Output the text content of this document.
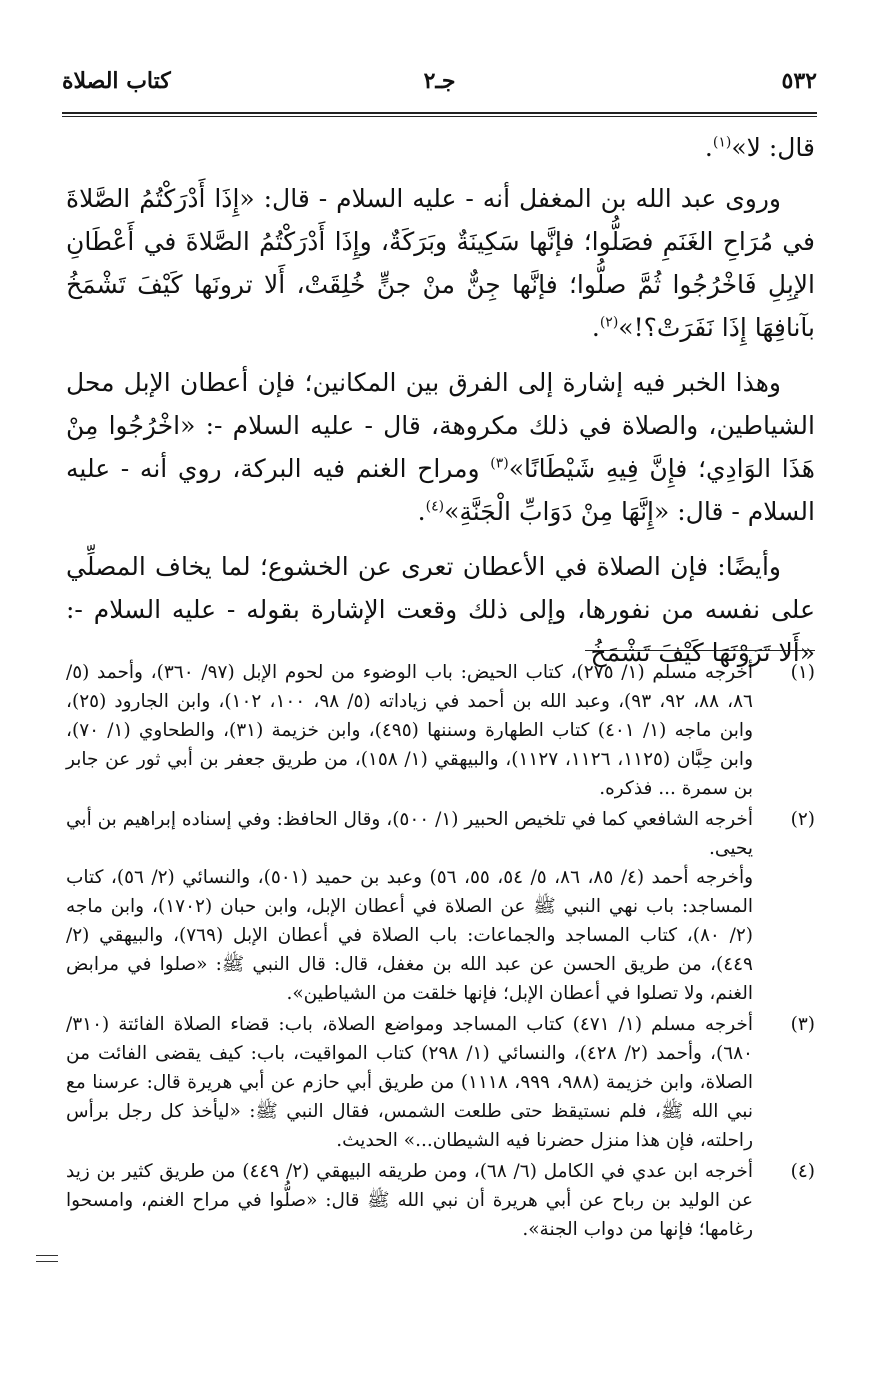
٥٣٢
جـ٢
كتاب الصلاة

قال: لا»$^{(١)}$.

وروى عبد الله بن المغفل أنه - عليه السلام - قال: «إِذَا أَدْرَكْتُمُ الصَّلاةَ في مُرَاحِ الغَنَمِ فصَلُّوا؛ فإنَّها سَكِينَةٌ وبَرَكَةٌ، وإِذَا أَدْرَكْتُمُ الصَّلاةَ في أَعْطَانِ الإبِلِ فَاخْرُجُوا ثُمَّ صلُّوا؛ فإنَّها جِنٌّ منْ جنٍّ خُلِقَتْ، أَلا ترونَها كَيْفَ تَشْمَخُ بآنافِهَا إِذَا نَفَرَتْ؟!»$^{(٢)}$.

وهذا الخبر فيه إشارة إلى الفرق بين المكانين؛ فإن أعطان الإبل محل الشياطين، والصلاة في ذلك مكروهة، قال - عليه السلام -: «اخْرُجُوا مِنْ هَذَا الوَادِي؛ فإِنَّ فِيهِ شَيْطَانًا»$^{(٣)}$ ومراح الغنم فيه البركة، روي أنه - عليه السلام - قال: «إِنَّهَا مِنْ دَوَابِّ الْجَنَّةِ»$^{(٤)}$.

وأيضًا: فإن الصلاة في الأعطان تعرى عن الخشوع؛ لما يخاف المصلِّي على نفسه من نفورها، وإلى ذلك وقعت الإشارة بقوله - عليه السلام -: «أَلا تَرَوْنَهَا كَيْفَ تَشْمَخُ

(١)

أخرجه مسلم (١/ ٢٧٥)، كتاب الحيض: باب الوضوء من لحوم الإبل (٩٧/ ٣٦٠)، وأحمد (٥/ ٨٦، ٨٨، ٩٢، ٩٣)، وعبد الله بن أحمد في زياداته (٥/ ٩٨، ١٠٠، ١٠٢)، وابن الجارود (٢٥)، وابن ماجه (١/ ٤٠١) كتاب الطهارة وسننها (٤٩٥)، وابن خزيمة (٣١)، والطحاوي (١/ ٧٠)، وابن حِبَّان (١١٢٥، ١١٢٦، ١١٢٧)، والبيهقي (١/ ١٥٨)، من طريق جعفر بن أبي ثور عن جابر بن سمرة ... فذكره.

(٢)

أخرجه الشافعي كما في تلخيص الحبير (١/ ٥٠٠)، وقال الحافظ: وفي إسناده إبراهيم بن أبي يحيى.

وأخرجه أحمد (٤/ ٨٥، ٨٦، ٥/ ٥٤، ٥٥، ٥٦) وعبد بن حميد (٥٠١)، والنسائي (٢/ ٥٦)، كتاب المساجد: باب نهي النبي ﷺ عن الصلاة في أعطان الإبل، وابن حبان (١٧٠٢)، وابن ماجه (٢/ ٨٠)، كتاب المساجد والجماعات: باب الصلاة في أعطان الإبل (٧٦٩)، والبيهقي (٢/ ٤٤٩)، من طريق الحسن عن عبد الله بن مغفل، قال: قال النبي ﷺ: «صلوا في مرابض الغنم، ولا تصلوا في أعطان الإبل؛ فإنها خلقت من الشياطين».

(٣)

أخرجه مسلم (١/ ٤٧١) كتاب المساجد ومواضع الصلاة، باب: قضاء الصلاة الفائتة (٣١٠/ ٦٨٠)، وأحمد (٢/ ٤٢٨)، والنسائي (١/ ٢٩٨) كتاب المواقيت، باب: كيف يقضى الفائت من الصلاة، وابن خزيمة (٩٨٨، ٩٩٩، ١١١٨) من طريق أبي حازم عن أبي هريرة قال: عرسنا مع نبي الله ﷺ، فلم نستيقظ حتى طلعت الشمس، فقال النبي ﷺ: «ليأخذ كل رجل برأس راحلته، فإن هذا منزل حضرنا فيه الشيطان...» الحديث.

(٤)

أخرجه ابن عدي في الكامل (٦/ ٦٨)، ومن طريقه البيهقي (٢/ ٤٤٩) من طريق كثير بن زيد عن الوليد بن رباح عن أبي هريرة أن نبي الله ﷺ قال: «صلُّوا في مراح الغنم، وامسحوا رغامها؛ فإنها من دواب الجنة».
